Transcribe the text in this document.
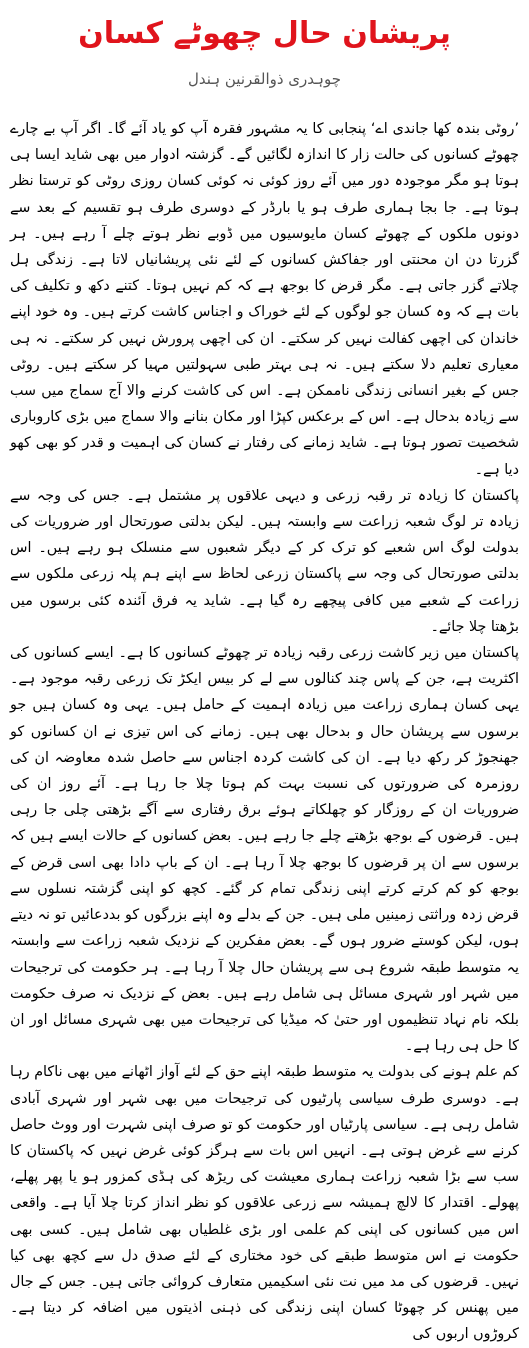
پریشان حال چھوٹے کسان
چوہدری ذوالقرنین ہندل

’روٹی بندہ کھا جاندی اے‘ پنجابی کا یہ مشہور فقرہ آپ کو یاد آئے گا۔ اگر آپ بے چارے چھوٹے کسانوں کی حالت زار کا اندازہ لگائیں گے۔ گزشتہ ادوار میں بھی شاید ایسا ہی ہوتا ہو مگر موجودہ دور میں آئے روز کوئی نہ کوئی کسان روزی روٹی کو ترستا نظر ہوتا ہے۔ جا بجا ہماری طرف ہو یا بارڈر کے دوسری طرف ہو تقسیم کے بعد سے دونوں ملکوں کے چھوٹے کسان مایوسیوں میں ڈوبے نظر ہوتے چلے آ رہے ہیں۔ ہر گزرتا دن ان محنتی اور جفاکش کسانوں کے لئے نئی پریشانیاں لاتا ہے۔ زندگی ہل چلاتے گزر جاتی ہے۔ مگر قرض کا بوجھ ہے کہ کم نہیں ہوتا۔ کتنے دکھ و تکلیف کی بات ہے کہ وہ کسان جو لوگوں کے لئے خوراک و اجناس کاشت کرتے ہیں۔ وہ خود اپنے خاندان کی اچھی کفالت نہیں کر سکتے۔ ان کی اچھی پرورش نہیں کر سکتے۔ نہ ہی معیاری تعلیم دلا سکتے ہیں۔ نہ ہی بہتر طبی سہولتیں مہیا کر سکتے ہیں۔ روٹی جس کے بغیر انسانی زندگی ناممکن ہے۔ اس کی کاشت کرنے والا آج سماج میں سب سے زیادہ بدحال ہے۔ اس کے برعکس کپڑا اور مکان بنانے والا سماج میں بڑی کاروباری شخصیت تصور ہوتا ہے۔ شاید زمانے کی رفتار نے کسان کی اہمیت و قدر کو بھی کھو دیا ہے۔

پاکستان کا زیادہ تر رقبہ زرعی و دیہی علاقوں پر مشتمل ہے۔ جس کی وجہ سے زیادہ تر لوگ شعبہ زراعت سے وابستہ ہیں۔ لیکن بدلتی صورتحال اور ضروریات کی بدولت لوگ اس شعبے کو ترک کر کے دیگر شعبوں سے منسلک ہو رہے ہیں۔ اس بدلتی صورتحال کی وجہ سے پاکستان زرعی لحاظ سے اپنے ہم پلہ زرعی ملکوں سے زراعت کے شعبے میں کافی پیچھے رہ گیا ہے۔ شاید یہ فرق آئندہ کئی برسوں میں بڑھتا چلا جائے۔

پاکستان میں زیر کاشت زرعی رقبہ زیادہ تر چھوٹے کسانوں کا ہے۔ ایسے کسانوں کی اکثریت ہے، جن کے پاس چند کنالوں سے لے کر بیس ایکڑ تک زرعی رقبہ موجود ہے۔ یہی کسان ہماری زراعت میں زیادہ اہمیت کے حامل ہیں۔ یہی وہ کسان ہیں جو برسوں سے پریشان حال و بدحال بھی ہیں۔ زمانے کی اس تیزی نے ان کسانوں کو جھنجوڑ کر رکھ دیا ہے۔ ان کی کاشت کردہ اجناس سے حاصل شدہ معاوضہ ان کی روزمرہ کی ضرورتوں کی نسبت بہت کم ہوتا چلا جا رہا ہے۔ آئے روز ان کی ضروریات ان کے روزگار کو چھلکاتے ہوئے برق رفتاری سے آگے بڑھتی چلی جا رہی ہیں۔ قرضوں کے بوجھ بڑھتے چلے جا رہے ہیں۔ بعض کسانوں کے حالات ایسے ہیں کہ برسوں سے ان پر قرضوں کا بوجھ چلا آ رہا ہے۔ ان کے باپ دادا بھی اسی قرض کے بوجھ کو کم کرتے کرتے اپنی زندگی تمام کر گئے۔ کچھ کو اپنی گزشتہ نسلوں سے قرض زدہ وراثتی زمینیں ملی ہیں۔ جن کے بدلے وہ اپنے بزرگوں کو بددعائیں تو نہ دیتے ہوں، لیکن کوستے ضرور ہوں گے۔ بعض مفکرین کے نزدیک شعبہ زراعت سے وابستہ یہ متوسط طبقہ شروع ہی سے پریشان حال چلا آ رہا ہے۔ ہر حکومت کی ترجیحات میں شہر اور شہری مسائل ہی شامل رہے ہیں۔ بعض کے نزدیک نہ صرف حکومت بلکہ نام نہاد تنظیموں اور حتیٰ کہ میڈیا کی ترجیحات میں بھی شہری مسائل اور ان کا حل ہی رہا ہے۔

کم علم ہونے کی بدولت یہ متوسط طبقہ اپنے حق کے لئے آواز اٹھانے میں بھی ناکام رہا ہے۔ دوسری طرف سیاسی پارٹیوں کی ترجیحات میں بھی شہر اور شہری آبادی شامل رہی ہے۔ سیاسی پارٹیاں اور حکومت کو تو صرف اپنی شہرت اور ووٹ حاصل کرنے سے غرض ہوتی ہے۔ انہیں اس بات سے ہرگز کوئی غرض نہیں کہ پاکستان کا سب سے بڑا شعبہ زراعت ہماری معیشت کی ریڑھ کی ہڈی کمزور ہو یا پھر پھلے، پھولے۔ اقتدار کا لالچ ہمیشہ سے زرعی علاقوں کو نظر انداز کرتا چلا آیا ہے۔ واقعی اس میں کسانوں کی اپنی کم علمی اور بڑی غلطیاں بھی شامل ہیں۔ کسی بھی حکومت نے اس متوسط طبقے کی خود مختاری کے لئے صدق دل سے کچھ بھی کیا نہیں۔ قرضوں کی مد میں نت نئی اسکیمیں متعارف کروائی جاتی ہیں۔ جس کے جال میں پھنس کر چھوٹا کسان اپنی زندگی کی ذہنی اذیتوں میں اضافہ کر دیتا ہے۔ کروڑوں اربوں کی
